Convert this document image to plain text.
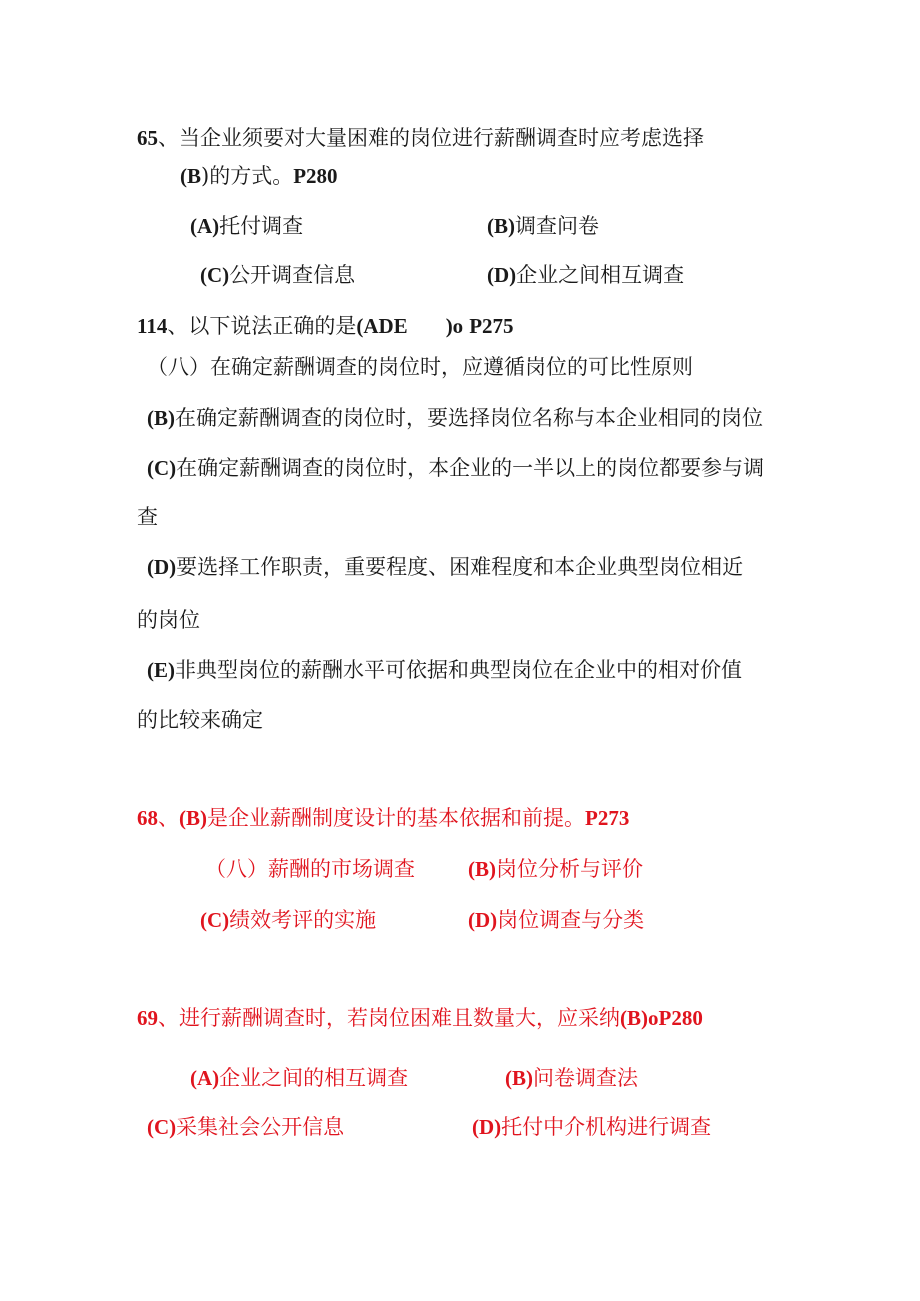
65、当企业须要对大量困难的岗位进行薪酬调查时应考虑选择
(B)的方式。P280
(A)托付调查	(B)调查问卷
(C)公开调查信息	(D)企业之间相互调查
114、以下说法正确的是(ADE )o P275
（八）在确定薪酬调查的岗位时，应遵循岗位的可比性原则
(B)在确定薪酬调查的岗位时，要选择岗位名称与本企业相同的岗位
(C)在确定薪酬调查的岗位时，本企业的一半以上的岗位都要参与调
查
(D)要选择工作职责，重要程度、困难程度和本企业典型岗位相近
的岗位
(E)非典型岗位的薪酬水平可依据和典型岗位在企业中的相对价值
的比较来确定
68、(B)是企业薪酬制度设计的基本依据和前提。P273
（八）薪酬的市场调查	(B)岗位分析与评价
(C)绩效考评的实施	(D)岗位调查与分类
69、进行薪酬调查时，若岗位困难且数量大，应采纳(B)oP280
(A)企业之间的相互调查	(B)问卷调查法
(C)采集社会公开信息	(D)托付中介机构进行调查
